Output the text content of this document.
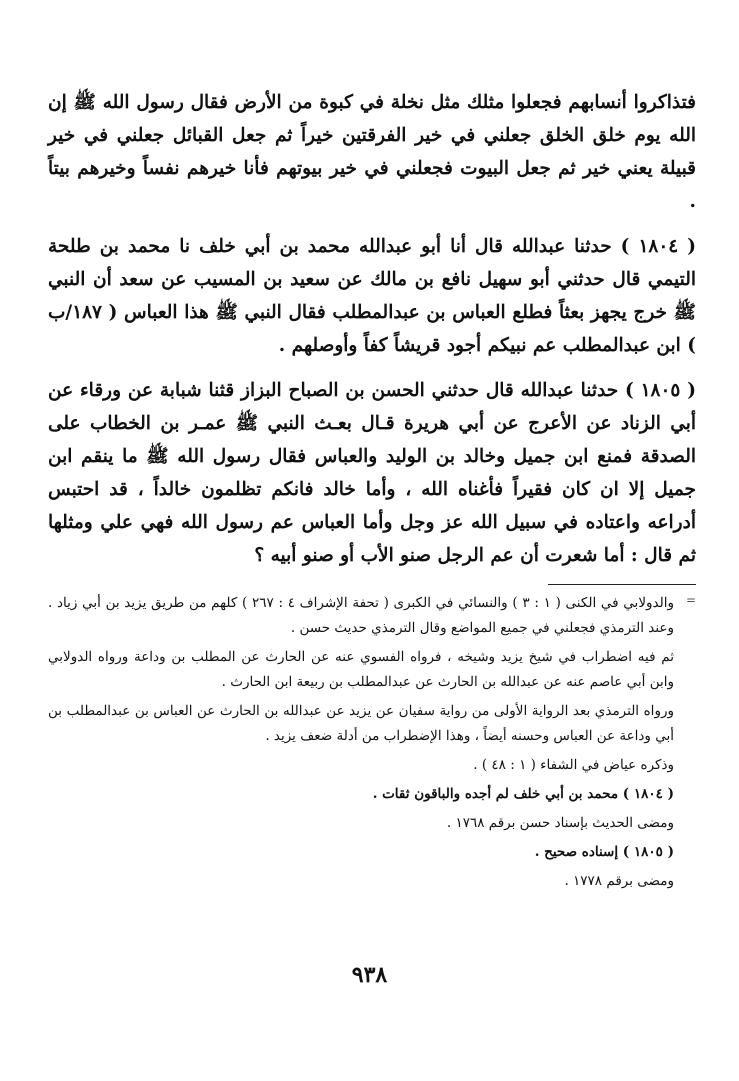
فتذاكروا أنسابهم فجعلوا مثلك مثل نخلة في كبوة من الأرض فقال رسول الله ﷺ إن الله يوم خلق الخلق جعلني في خير الفرقتين خيراً ثم جعل القبائل جعلني في خير قبيلة يعني خير ثم جعل البيوت فجعلني في خير بيوتهم فأنا خيرهم نفساً وخيرهم بيتاً .

( ١٨٠٤ ) حدثنا عبدالله قال أنا أبو عبدالله محمد بن أبي خلف نا محمد بن طلحة التيمي قال حدثني أبو سهيل نافع بن مالك عن سعيد بن المسيب عن سعد أن النبي ﷺ خرج يجهز بعثاً فطلع العباس بن عبدالمطلب فقال النبي ﷺ هذا العباس ( ١٨٧/ب ) ابن عبدالمطلب عم نبيكم أجود قريشاً كفاً وأوصلهم .

( ١٨٠٥ ) حدثنا عبدالله قال حدثني الحسن بن الصباح البزاز قثنا شبابة عن ورقاء عن أبي الزناد عن الأعرج عن أبي هريرة قـال بعـث النبي ﷺ عمـر بن الخطاب على الصدقة فمنع ابن جميل وخالد بن الوليد والعباس فقال رسول الله ﷺ ما ينقم ابن جميل إلا ان كان فقيراً فأغناه الله ، وأما خالد فانكم تظلمون خالداً ، قد احتبس أدراعه واعتاده في سبيل الله عز وجل وأما العباس عم رسول الله فهي علي ومثلها ثم قال : أما شعرت أن عم الرجل صنو الأب أو صنو أبيه ؟

=

والدولابي في الكنى ( ١ : ٣ ) والنسائي في الكبرى ( تحفة الإشراف ٤ : ٢٦٧ ) كلهم من طريق يزيد بن أبي زياد . وعند الترمذي فجعلني في جميع المواضع وقال الترمذي حديث حسن .

ثم فيه اضطراب في شيخ يزيد وشيخه ، فرواه الفسوي عنه عن الحارث عن المطلب بن وداعة ورواه الدولابي وابن أبي عاصم عنه عن عبدالله بن الحارث عن عبدالمطلب بن ربيعة ابن الحارث .

ورواه الترمذي بعد الرواية الأولى من رواية سفيان عن يزيد عن عبدالله بن الحارث عن العباس بن عبدالمطلب بن أبي وداعة عن العباس وحسنه أيضاً ، وهذا الإضطراب من أدلة ضعف يزيد .

وذكره عياض في الشفاء ( ١ : ٤٨ ) .

( ١٨٠٤ ) محمد بن أبي خلف لم أجده والباقون ثقات .

ومضى الحديث بإسناد حسن برقم ١٧٦٨ .

( ١٨٠٥ ) إسناده صحيح .

ومضى برقم ١٧٧٨ .

٩٣٨
